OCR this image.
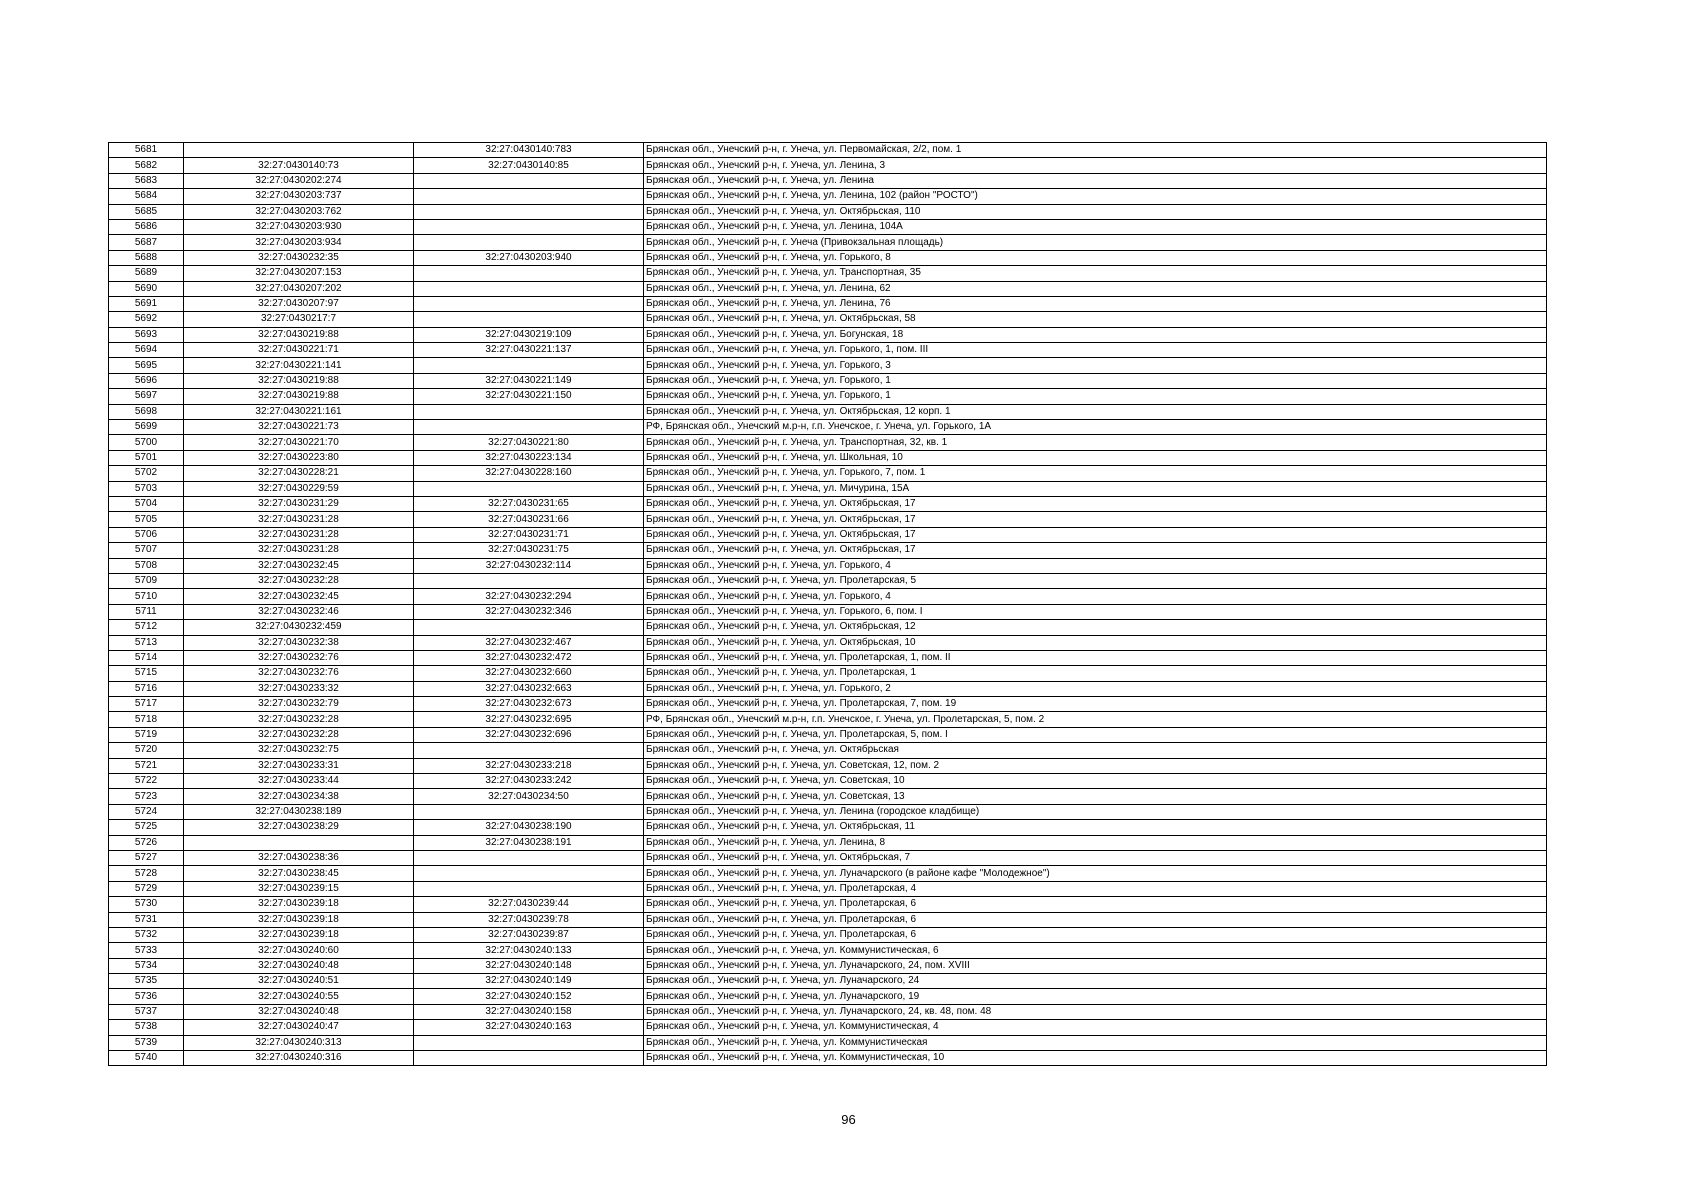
5681		32:27:0430140:783	Брянская обл., Унечский р-н, г. Унеча, ул. Первомайская, 2/2, пом. 1
5682	32:27:0430140:73	32:27:0430140:85	Брянская обл., Унечский р-н, г. Унеча, ул. Ленина, 3
5683	32:27:0430202:274		Брянская обл., Унечский р-н, г. Унеча, ул. Ленина
5684	32:27:0430203:737		Брянская обл., Унечский р-н, г. Унеча, ул. Ленина, 102 (район "РОСТО")
5685	32:27:0430203:762		Брянская обл., Унечский р-н, г. Унеча, ул. Октябрьская, 110
5686	32:27:0430203:930		Брянская обл., Унечский р-н, г. Унеча, ул. Ленина, 104А
5687	32:27:0430203:934		Брянская обл., Унечский р-н, г. Унеча (Привокзальная площадь)
5688	32:27:0430232:35	32:27:0430203:940	Брянская обл., Унечский р-н, г. Унеча, ул. Горького, 8
5689	32:27:0430207:153		Брянская обл., Унечский р-н, г. Унеча, ул. Транспортная, 35
5690	32:27:0430207:202		Брянская обл., Унечский р-н, г. Унеча, ул. Ленина, 62
5691	32:27:0430207:97		Брянская обл., Унечский р-н, г. Унеча, ул. Ленина, 76
5692	32:27:0430217:7		Брянская обл., Унечский р-н, г. Унеча, ул. Октябрьская, 58
5693	32:27:0430219:88	32:27:0430219:109	Брянская обл., Унечский р-н, г. Унеча, ул. Богунская, 18
5694	32:27:0430221:71	32:27:0430221:137	Брянская обл., Унечский р-н, г. Унеча, ул. Горького, 1, пом. III
5695	32:27:0430221:141		Брянская обл., Унечский р-н, г. Унеча, ул. Горького, 3
5696	32:27:0430219:88	32:27:0430221:149	Брянская обл., Унечский р-н, г. Унеча, ул. Горького, 1
5697	32:27:0430219:88	32:27:0430221:150	Брянская обл., Унечский р-н, г. Унеча, ул. Горького, 1
5698	32:27:0430221:161		Брянская обл., Унечский р-н, г. Унеча, ул. Октябрьская, 12 корп. 1
5699	32:27:0430221:73		РФ, Брянская обл., Унечский м.р-н, г.п. Унечское, г. Унеча, ул. Горького, 1А
5700	32:27:0430221:70	32:27:0430221:80	Брянская обл., Унечский р-н, г. Унеча, ул. Транспортная, 32, кв. 1
5701	32:27:0430223:80	32:27:0430223:134	Брянская обл., Унечский р-н, г. Унеча, ул. Школьная, 10
5702	32:27:0430228:21	32:27:0430228:160	Брянская обл., Унечский р-н, г. Унеча, ул. Горького, 7, пом. 1
5703	32:27:0430229:59		Брянская обл., Унечский р-н, г. Унеча, ул. Мичурина, 15А
5704	32:27:0430231:29	32:27:0430231:65	Брянская обл., Унечский р-н, г. Унеча, ул. Октябрьская, 17
5705	32:27:0430231:28	32:27:0430231:66	Брянская обл., Унечский р-н, г. Унеча, ул. Октябрьская, 17
5706	32:27:0430231:28	32:27:0430231:71	Брянская обл., Унечский р-н, г. Унеча, ул. Октябрьская, 17
5707	32:27:0430231:28	32:27:0430231:75	Брянская обл., Унечский р-н, г. Унеча, ул. Октябрьская, 17
5708	32:27:0430232:45	32:27:0430232:114	Брянская обл., Унечский р-н, г. Унеча, ул. Горького, 4
5709	32:27:0430232:28		Брянская обл., Унечский р-н, г. Унеча, ул. Пролетарская, 5
5710	32:27:0430232:45	32:27:0430232:294	Брянская обл., Унечский р-н, г. Унеча, ул. Горького, 4
5711	32:27:0430232:46	32:27:0430232:346	Брянская обл., Унечский р-н, г. Унеча, ул. Горького, 6, пом. I
5712	32:27:0430232:459		Брянская обл., Унечский р-н, г. Унеча, ул. Октябрьская, 12
5713	32:27:0430232:38	32:27:0430232:467	Брянская обл., Унечский р-н, г. Унеча, ул. Октябрьская, 10
5714	32:27:0430232:76	32:27:0430232:472	Брянская обл., Унечский р-н, г. Унеча, ул. Пролетарская, 1, пом. II
5715	32:27:0430232:76	32:27:0430232:660	Брянская обл., Унечский р-н, г. Унеча, ул. Пролетарская, 1
5716	32:27:0430233:32	32:27:0430232:663	Брянская обл., Унечский р-н, г. Унеча, ул. Горького, 2
5717	32:27:0430232:79	32:27:0430232:673	Брянская обл., Унечский р-н, г. Унеча, ул. Пролетарская, 7, пом. 19
5718	32:27:0430232:28	32:27:0430232:695	РФ, Брянская обл., Унечский м.р-н, г.п. Унечское, г. Унеча, ул. Пролетарская, 5, пом. 2
5719	32:27:0430232:28	32:27:0430232:696	Брянская обл., Унечский р-н, г. Унеча, ул. Пролетарская, 5, пом. I
5720	32:27:0430232:75		Брянская обл., Унечский р-н, г. Унеча, ул. Октябрьская
5721	32:27:0430233:31	32:27:0430233:218	Брянская обл., Унечский р-н, г. Унеча, ул. Советская, 12, пом. 2
5722	32:27:0430233:44	32:27:0430233:242	Брянская обл., Унечский р-н, г. Унеча, ул. Советская, 10
5723	32:27:0430234:38	32:27:0430234:50	Брянская обл., Унечский р-н, г. Унеча, ул. Советская, 13
5724	32:27:0430238:189		Брянская обл., Унечский р-н, г. Унеча, ул. Ленина (городское кладбище)
5725	32:27:0430238:29	32:27:0430238:190	Брянская обл., Унечский р-н, г. Унеча, ул. Октябрьская, 11
5726		32:27:0430238:191	Брянская обл., Унечский р-н, г. Унеча, ул. Ленина, 8
5727	32:27:0430238:36		Брянская обл., Унечский р-н, г. Унеча, ул. Октябрьская, 7
5728	32:27:0430238:45		Брянская обл., Унечский р-н, г. Унеча, ул. Луначарского (в районе кафе "Молодежное")
5729	32:27:0430239:15		Брянская обл., Унечский р-н, г. Унеча, ул. Пролетарская, 4
5730	32:27:0430239:18	32:27:0430239:44	Брянская обл., Унечский р-н, г. Унеча, ул. Пролетарская, 6
5731	32:27:0430239:18	32:27:0430239:78	Брянская обл., Унечский р-н, г. Унеча, ул. Пролетарская, 6
5732	32:27:0430239:18	32:27:0430239:87	Брянская обл., Унечский р-н, г. Унеча, ул. Пролетарская, 6
5733	32:27:0430240:60	32:27:0430240:133	Брянская обл., Унечский р-н, г. Унеча, ул. Коммунистическая, 6
5734	32:27:0430240:48	32:27:0430240:148	Брянская обл., Унечский р-н, г. Унеча, ул. Луначарского, 24, пом. XVIII
5735	32:27:0430240:51	32:27:0430240:149	Брянская обл., Унечский р-н, г. Унеча, ул. Луначарского, 24
5736	32:27:0430240:55	32:27:0430240:152	Брянская обл., Унечский р-н, г. Унеча, ул. Луначарского, 19
5737	32:27:0430240:48	32:27:0430240:158	Брянская обл., Унечский р-н, г. Унеча, ул. Луначарского, 24, кв. 48, пом. 48
5738	32:27:0430240:47	32:27:0430240:163	Брянская обл., Унечский р-н, г. Унеча, ул. Коммунистическая, 4
5739	32:27:0430240:313		Брянская обл., Унечский р-н, г. Унеча, ул. Коммунистическая
5740	32:27:0430240:316		Брянская обл., Унечский р-н, г. Унеча, ул. Коммунистическая, 10
96
